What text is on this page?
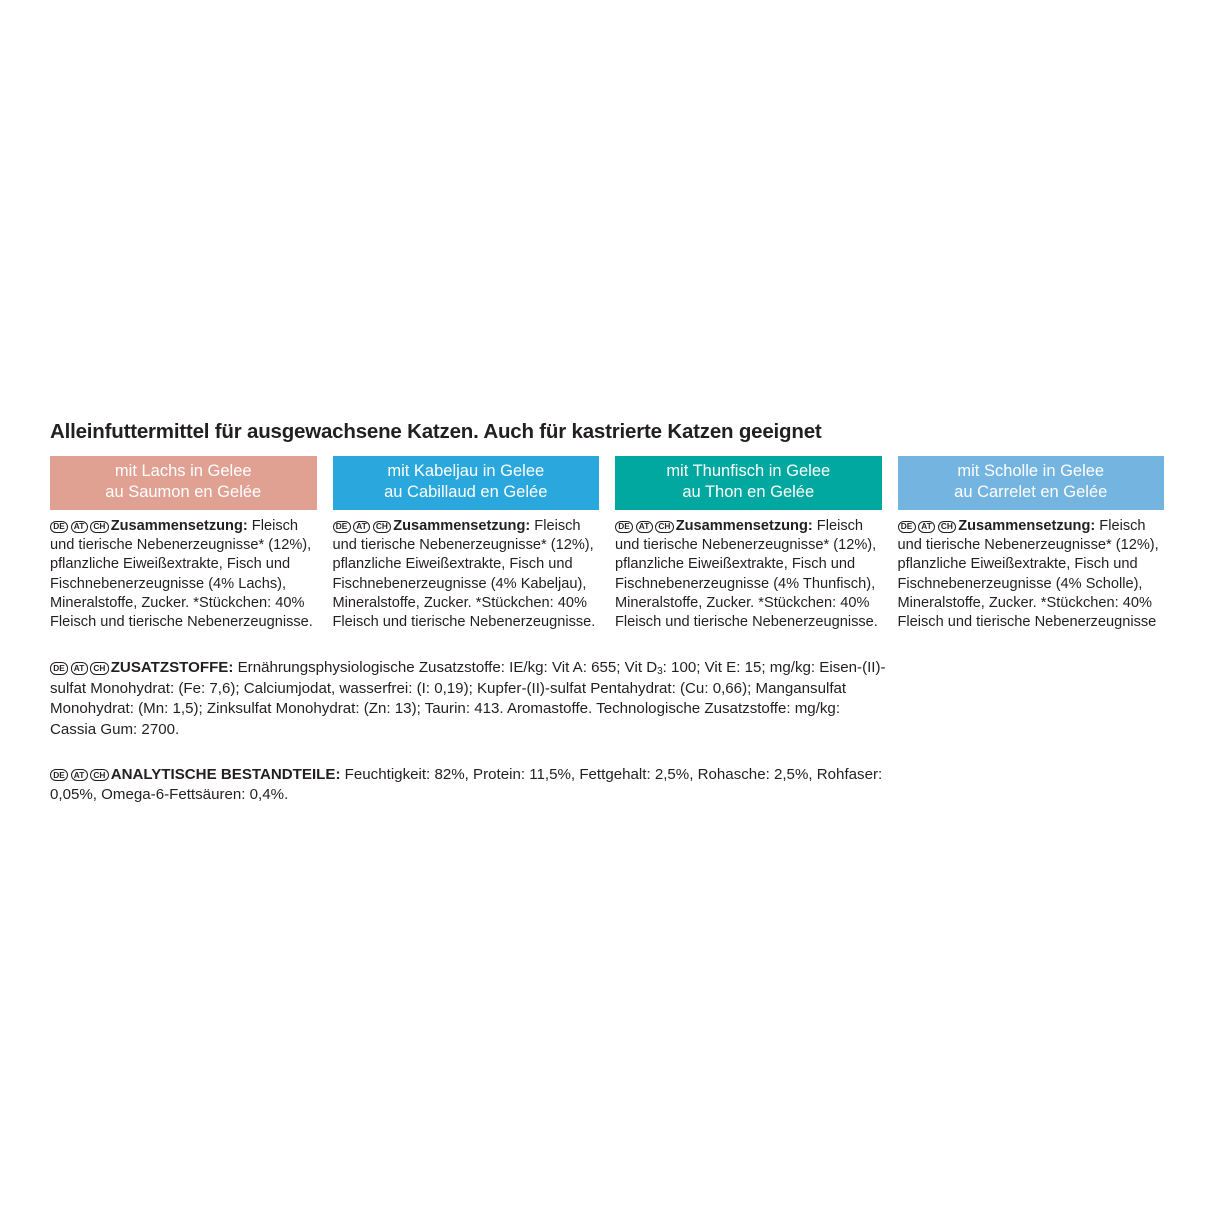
Alleinfuttermittel für ausgewachsene Katzen. Auch für kastrierte Katzen geeignet
mit Lachs in Gelee
au Saumon en Gelée
DE	AT	CH Zusammensetzung: Fleisch und tierische Nebenerzeugnisse* (12%), pflanzliche Eiweißextrakte, Fisch und Fischnebenerzeugnisse (4% Lachs), Mineralstoffe, Zucker. *Stückchen: 40% Fleisch und tierische Nebenerzeugnisse.
mit Kabeljau in Gelee
au Cabillaud en Gelée
DE	AT	CH Zusammensetzung: Fleisch und tierische Nebenerzeugnisse* (12%), pflanzliche Eiweißextrakte, Fisch und Fischnebenerzeugnisse (4% Kabeljau), Mineralstoffe, Zucker. *Stückchen: 40% Fleisch und tierische Nebenerzeugnisse.
mit Thunfisch in Gelee
au Thon en Gelée
DE	AT	CH Zusammensetzung: Fleisch und tierische Nebenerzeugnisse* (12%), pflanzliche Eiweißextrakte, Fisch und Fischnebenerzeugnisse (4% Thunfisch), Mineralstoffe, Zucker. *Stückchen: 40% Fleisch und tierische Nebenerzeugnisse.
mit Scholle in Gelee
au Carrelet en Gelée
DE	AT	CH Zusammensetzung: Fleisch und tierische Nebenerzeugnisse* (12%), pflanzliche Eiweißextrakte, Fisch und Fischnebenerzeugnisse (4% Scholle), Mineralstoffe, Zucker. *Stückchen: 40% Fleisch und tierische Nebenerzeugnisse
DE	AT	CH ZUSATZSTOFFE: Ernährungsphysiologische Zusatzstoffe: IE/kg: Vit A: 655; Vit $D_3$: 100; Vit E: 15; mg/kg: Eisen-(II)-sulfat Monohydrat: (Fe: 7,6); Calciumjodat, wasserfrei: (I: 0,19); Kupfer-(II)-sulfat Pentahydrat: (Cu: 0,66); Mangansulfat Monohydrat: (Mn: 1,5); Zinksulfat Monohydrat: (Zn: 13); Taurin: 413. Aromastoffe. Technologische Zusatzstoffe: mg/kg: Cassia Gum: 2700.
DE	AT	CH ANALYTISCHE BESTANDTEILE: Feuchtigkeit: 82%, Protein: 11,5%, Fettgehalt: 2,5%, Rohasche: 2,5%, Rohfaser: 0,05%, Omega-6-Fettsäuren: 0,4%.
